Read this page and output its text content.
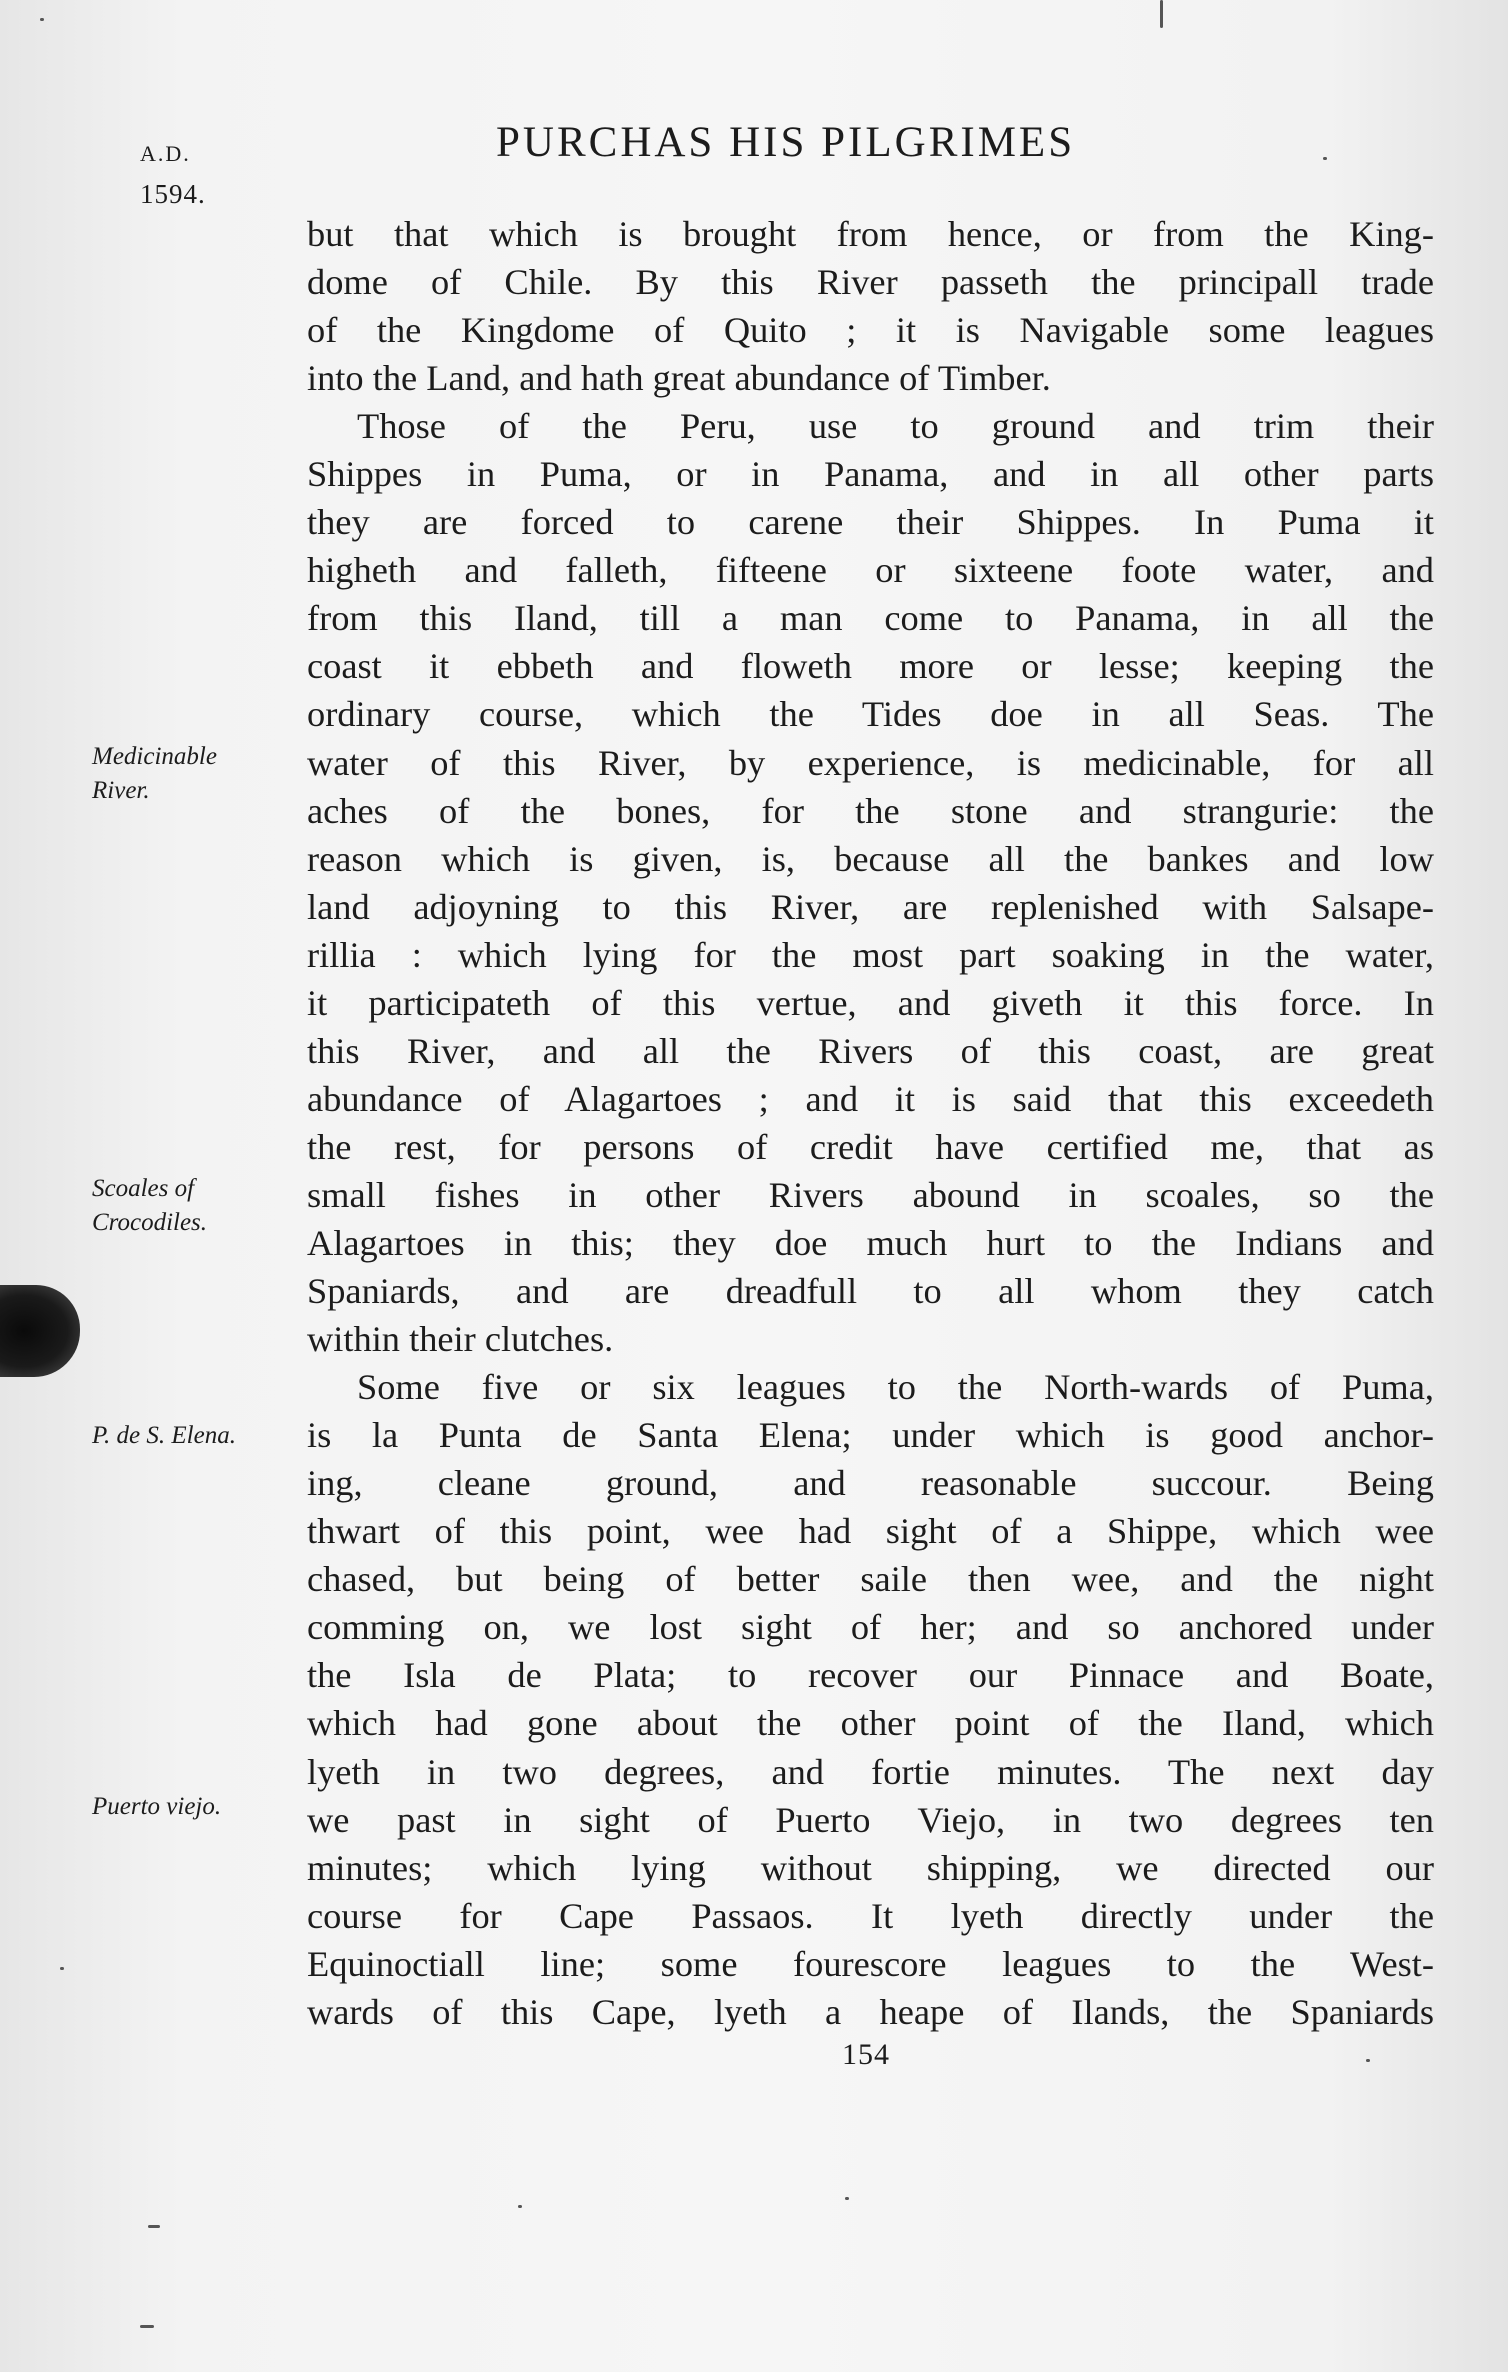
A.D.
1594.
PURCHAS HIS PILGRIMES
but that which is brought from hence, or from the King-
dome of Chile. By this River passeth the principall trade
of the Kingdome of Quito ; it is Navigable some leagues
into the Land, and hath great abundance of Timber.
Those of the Peru, use to ground and trim their
Shippes in Puma, or in Panama, and in all other parts
they are forced to carene their Shippes. In Puma it
higheth and falleth, fifteene or sixteene foote water, and
from this Iland, till a man come to Panama, in all the
coast it ebbeth and floweth more or lesse; keeping the
ordinary course, which the Tides doe in all Seas. The
water of this River, by experience, is medicinable, for all
aches of the bones, for the stone and strangurie: the
reason which is given, is, because all the bankes and low
land adjoyning to this River, are replenished with Salsape-
rillia : which lying for the most part soaking in the water,
it participateth of this vertue, and giveth it this force. In
this River, and all the Rivers of this coast, are great
abundance of Alagartoes ; and it is said that this exceedeth
the rest, for persons of credit have certified me, that as
small fishes in other Rivers abound in scoales, so the
Alagartoes in this; they doe much hurt to the Indians and
Spaniards, and are dreadfull to all whom they catch
within their clutches.
Some five or six leagues to the North-wards of Puma,
is la Punta de Santa Elena; under which is good anchor-
ing, cleane ground, and reasonable succour. Being
thwart of this point, wee had sight of a Shippe, which wee
chased, but being of better saile then wee, and the night
comming on, we lost sight of her; and so anchored under
the Isla de Plata; to recover our Pinnace and Boate,
which had gone about the other point of the Iland, which
lyeth in two degrees, and fortie minutes. The next day
we past in sight of Puerto Viejo, in two degrees ten
minutes; which lying without shipping, we directed our
course for Cape Passaos. It lyeth directly under the
Equinoctiall line; some fourescore leagues to the West-
wards of this Cape, lyeth a heape of Ilands, the Spaniards
Medicinable
River.
Scoales of
Crocodiles.
P. de S. Elena.
Puerto viejo.
154
